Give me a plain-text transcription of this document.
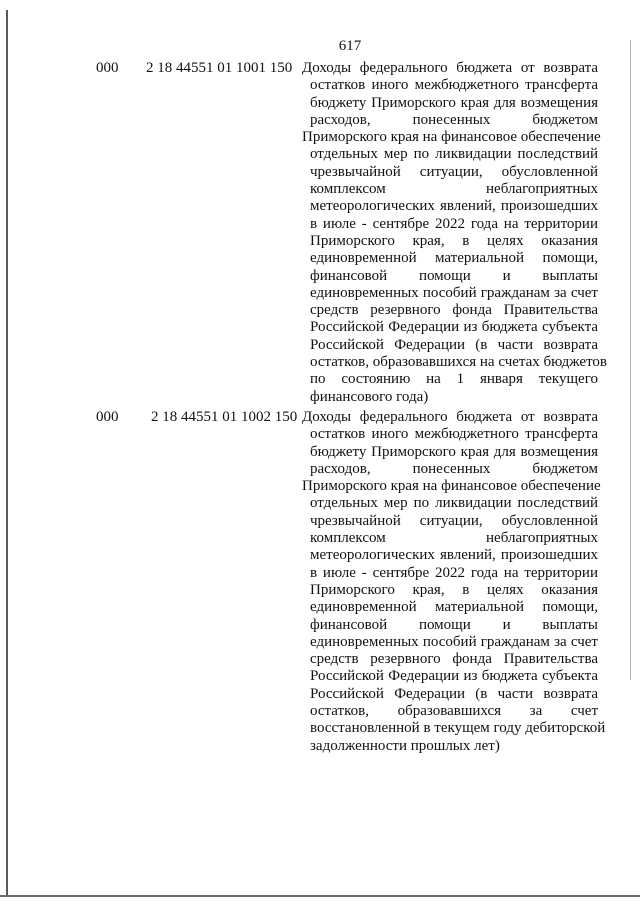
617
000 2 18 44551 01 1001 150 Доходы федерального бюджета от возврата
остатков иного межбюджетного трансферта
бюджету Приморского края для возмещения
расходов, понесенных бюджетом
Приморского края на финансовое обеспечение
отдельных мер по ликвидации последствий
чрезвычайной ситуации, обусловленной
комплексом неблагоприятных
метеорологических явлений, произошедших
в июле - сентябре 2022 года на территории
Приморского края, в целях оказания
единовременной материальной помощи,
финансовой помощи и выплаты
единовременных пособий гражданам за счет
средств резервного фонда Правительства
Российской Федерации из бюджета субъекта
Российской Федерации (в части возврата
остатков, образовавшихся на счетах бюджетов
по состоянию на 1 января текущего
финансового года)
000 2 18 44551 01 1002 150 Доходы федерального бюджета от возврата
остатков иного межбюджетного трансферта
бюджету Приморского края для возмещения
расходов, понесенных бюджетом
Приморского края на финансовое обеспечение
отдельных мер по ликвидации последствий
чрезвычайной ситуации, обусловленной
комплексом неблагоприятных
метеорологических явлений, произошедших
в июле - сентябре 2022 года на территории
Приморского края, в целях оказания
единовременной материальной помощи,
финансовой помощи и выплаты
единовременных пособий гражданам за счет
средств резервного фонда Правительства
Российской Федерации из бюджета субъекта
Российской Федерации (в части возврата
остатков, образовавшихся за счет
восстановленной в текущем году дебиторской
задолженности прошлых лет)
